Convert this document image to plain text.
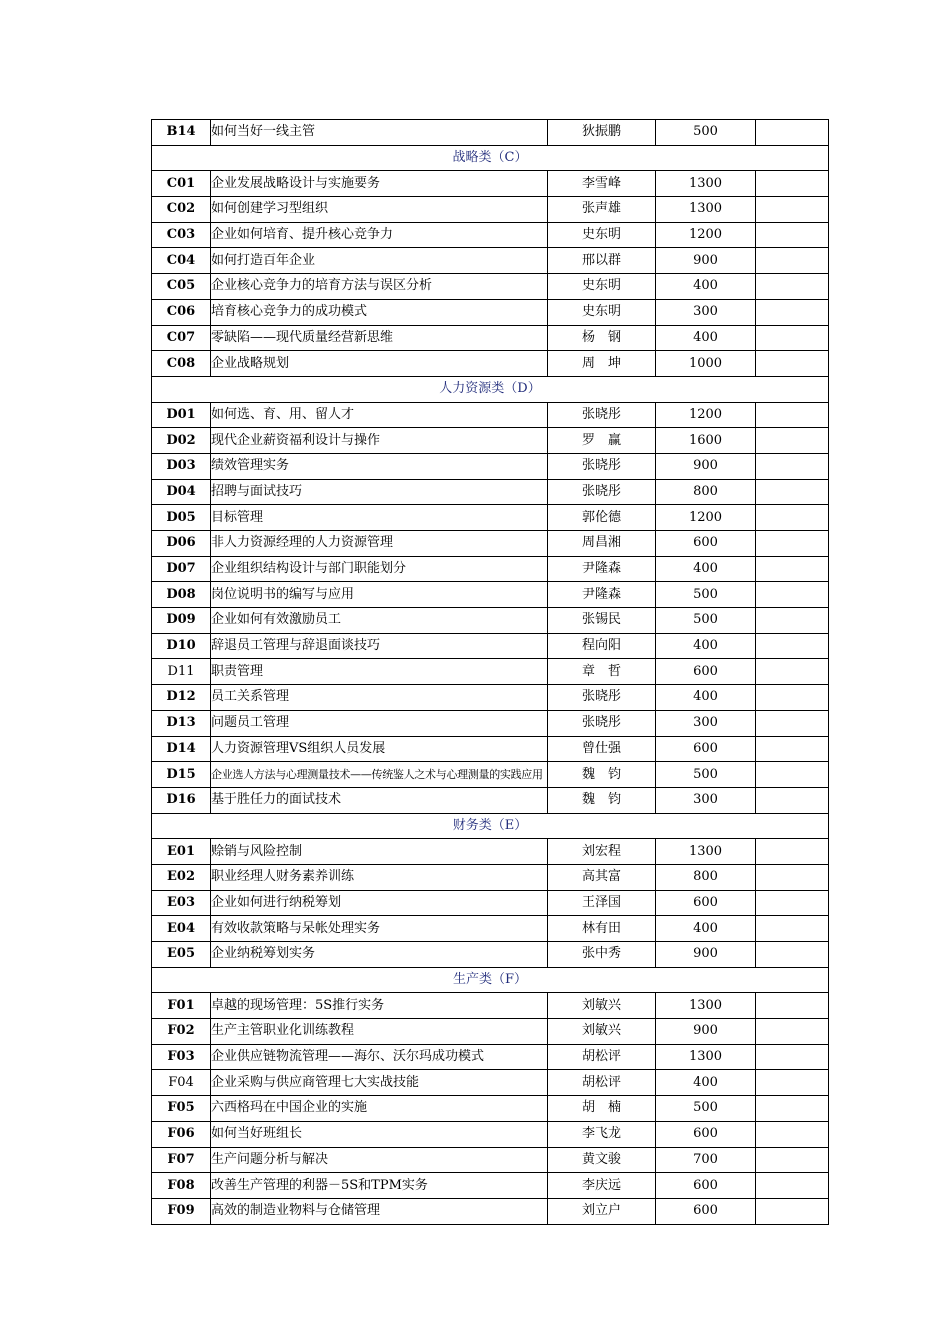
B14	如何当好一线主管	狄振鹏	500	
战略类（C）				
C01	企业发展战略设计与实施要务	李雪峰	1300	
C02	如何创建学习型组织	张声雄	1300	
C03	企业如何培育、提升核心竞争力	史东明	1200	
C04	如何打造百年企业	邢以群	900	
C05	企业核心竞争力的培育方法与误区分析	史东明	400	
C06	培育核心竞争力的成功模式	史东明	300	
C07	零缺陷——现代质量经营新思维	杨　钢	400	
C08	企业战略规划	周　坤	1000	
人力资源类（D）				
D01	如何选、育、用、留人才	张晓彤	1200	
D02	现代企业薪资福利设计与操作	罗　赢	1600	
D03	绩效管理实务	张晓彤	900	
D04	招聘与面试技巧	张晓彤	800	
D05	目标管理	郭伦德	1200	
D06	非人力资源经理的人力资源管理	周昌湘	600	
D07	企业组织结构设计与部门职能划分	尹隆森	400	
D08	岗位说明书的编写与应用	尹隆森	500	
D09	企业如何有效激励员工	张锡民	500	
D10	辞退员工管理与辞退面谈技巧	程向阳	400	
D11	职责管理	章　哲	600	
D12	员工关系管理	张晓彤	400	
D13	问题员工管理	张晓彤	300	
D14	人力资源管理VS组织人员发展	曾仕强	600	
D15	企业选人方法与心理测量技术——传统鉴人之术与心理测量的实践应用	魏　钧	500	
D16	基于胜任力的面试技术	魏　钧	300	
财务类（E）				
E01	赊销与风险控制	刘宏程	1300	
E02	职业经理人财务素养训练	高其富	800	
E03	企业如何进行纳税筹划	王泽国	600	
E04	有效收款策略与呆帐处理实务	林有田	400	
E05	企业纳税筹划实务	张中秀	900	
生产类（F）				
F01	卓越的现场管理：5S推行实务	刘敏兴	1300	
F02	生产主管职业化训练教程	刘敏兴	900	
F03	企业供应链物流管理——海尔、沃尔玛成功模式	胡松评	1300	
F04	企业采购与供应商管理七大实战技能	胡松评	400	
F05	六西格玛在中国企业的实施	胡　楠	500	
F06	如何当好班组长	李飞龙	600	
F07	生产问题分析与解决	黄文骏	700	
F08	改善生产管理的利器－5S和TPM实务	李庆远	600	
F09	高效的制造业物料与仓储管理	刘立户	600	
